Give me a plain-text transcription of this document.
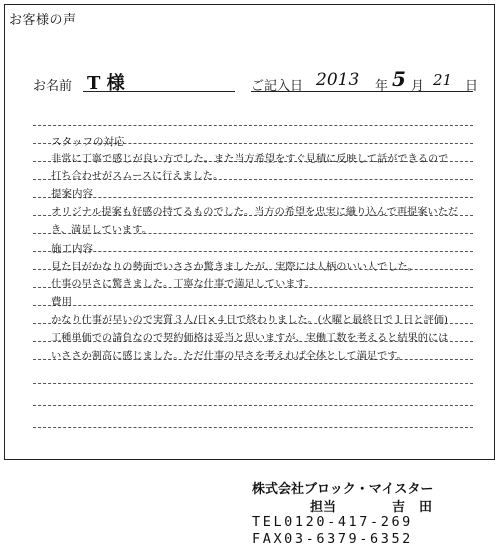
お客様の声
お名前 T 様	ご記入日 2013 年 5 月 21 日
スタッフの対応
非常に丁寧で感じが良い方でした。また当方希望をすぐ見積に反映して話ができるので
打ち合わせがスムースに行えました。
提案内容
オリジナル提案も好感の持てるものでした。当方の希望を忠実に織り込んで再提案いただ
き、満足しています。
施工内容
見た目がかなりの勢面でいささか驚きましたが、実際には人柄のいい人でした。
仕事の早さに驚きました。丁寧な仕事で満足しています。
費用
かなり仕事が早いので実質３人/日×４日で終わりました。(火曜と最終日で１日と評価)
工種単価での請負なので契約価格は妥当と思いますが、実働工数を考えると結果的には
いささか割高に感じました。ただ仕事の早さを考えれば全体として満足です。
株式会社ブロック・マイスター
担当	吉田
TEL0120-417-269
FAX03-6379-6352
